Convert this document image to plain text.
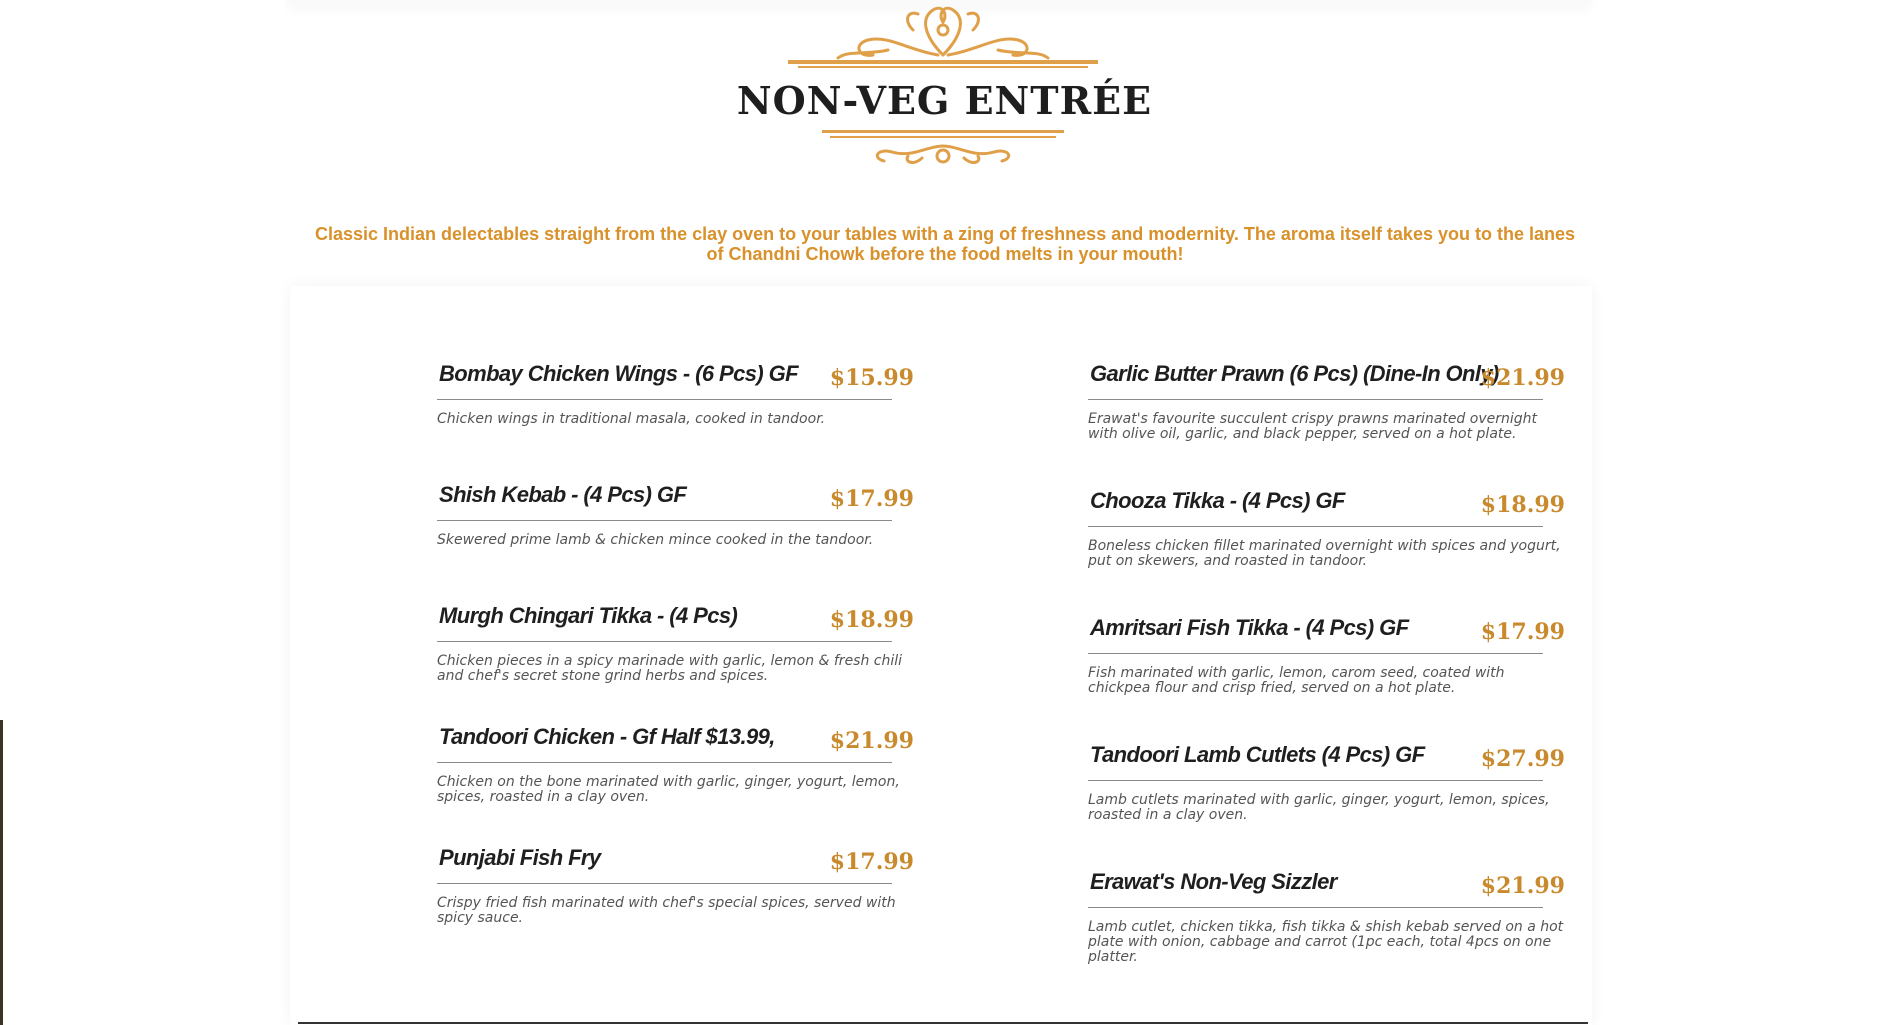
NON-VEG ENTRÉE

Classic Indian delectables straight from the clay oven to your tables with a zing of freshness and modernity. The aroma itself takes you to the lanes of Chandni Chowk before the food melts in your mouth!

Bombay Chicken Wings - (6 Pcs) GF $15.99

Chicken wings in traditional masala, cooked in tandoor.

Shish Kebab - (4 Pcs) GF	$17.99

Skewered prime lamb & chicken mince cooked in the tandoor.

Murgh Chingari Tikka - (4 Pcs)	$18.99

Chicken pieces in a spicy marinade with garlic, lemon & fresh chili and chef's secret stone grind herbs and spices.

Tandoori Chicken - Gf Half $13.99,	$21.99

Chicken on the bone marinated with garlic, ginger, yogurt, lemon, spices, roasted in a clay oven.

Punjabi Fish Fry	$17.99

Crispy fried fish marinated with chef's special spices, served with spicy sauce.

Garlic Butter Prawn (6 Pcs) (Dine-In Only)
$21.99

Erawat's favourite succulent crispy prawns marinated overnight with olive oil, garlic, and black pepper, served on a hot plate.

Chooza Tikka - (4 Pcs) GF	$18.99

Boneless chicken fillet marinated overnight with spices and yogurt, put on skewers, and roasted in tandoor.

Amritsari Fish Tikka - (4 Pcs) GF	$17.99

Fish marinated with garlic, lemon, carom seed, coated with chickpea flour and crisp fried, served on a hot plate.

Tandoori Lamb Cutlets (4 Pcs) GF	$27.99

Lamb cutlets marinated with garlic, ginger, yogurt, lemon, spices, roasted in a clay oven.

Erawat's Non-Veg Sizzler	$21.99

Lamb cutlet, chicken tikka, fish tikka & shish kebab served on a hot plate with onion, cabbage and carrot (1pc each, total 4pcs on one platter.
